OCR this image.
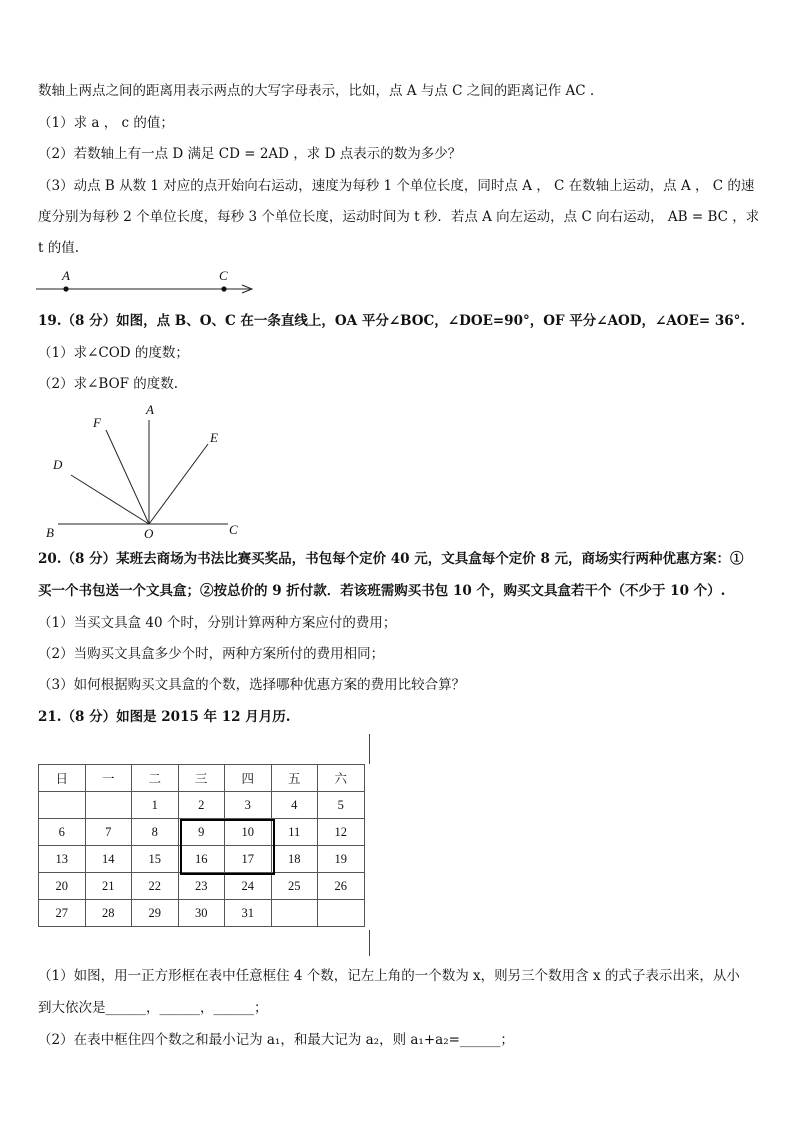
数轴上两点之间的距离用表示两点的大写字母表示，比如，点 A 与点 C 之间的距离记作 AC .
（1）求 a ， c 的值；
（2）若数轴上有一点 D 满足 CD = 2AD ，求 D 点表示的数为多少？
（3）动点 B 从数 1 对应的点开始向右运动，速度为每秒 1 个单位长度，同时点 A ， C 在数轴上运动，点 A ， C 的速
度分别为每秒 2 个单位长度，每秒 3 个单位长度，运动时间为 t 秒．若点 A 向左运动，点 C 向右运动， AB = BC ，求
t 的值.
A	C
19.（8 分）如图，点 B、O、C 在一条直线上，OA 平分∠BOC，∠DOE=90°，OF 平分∠AOD，∠AOE= 36°.
（1）求∠COD 的度数；
（2）求∠BOF 的度数.
A
F
E
D
B	O	C
20.（8 分）某班去商场为书法比赛买奖品，书包每个定价 40 元，文具盒每个定价 8 元，商场实行两种优惠方案：①
买一个书包送一个文具盒；②按总价的 9 折付款．若该班需购买书包 10 个，购买文具盒若干个（不少于 10 个）.
（1）当买文具盒 40 个时，分别计算两种方案应付的费用；
（2）当购买文具盒多少个时，两种方案所付的费用相同；
（3）如何根据购买文具盒的个数，选择哪种优惠方案的费用比较合算？
21.（8 分）如图是 2015 年 12 月月历.
日	一	二	三	四	五	六
		1	2	3	4	5
6	7	8	9	10	11	12
13	14	15	16	17	18	19
20	21	22	23	24	25	26
27	28	29	30	31		
（1）如图，用一正方形框在表中任意框住 4 个数，记左上角的一个数为 x，则另三个数用含 x 的式子表示出来，从小
到大依次是______，______，______；
（2）在表中框住四个数之和最小记为 a₁，和最大记为 a₂，则 a₁+a₂=______；
